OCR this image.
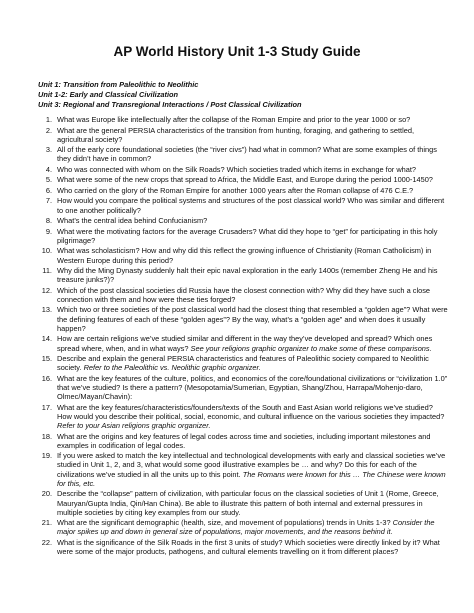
AP World History Unit 1-3 Study Guide
Unit 1: Transition from Paleolithic to Neolithic
Unit 1-2: Early and Classical Civilization
Unit 3: Regional and Transregional Interactions / Post Classical Civilization
1. What was Europe like intellectually after the collapse of the Roman Empire and prior to the year 1000 or so?
2. What are the general PERSIA characteristics of the transition from hunting, foraging, and gathering to settled, agricultural society?
3. All of the early core foundational societies (the “river civs”) had what in common? What are some examples of things they didn’t have in common?
4. Who was connected with whom on the Silk Roads? Which societies traded which items in exchange for what?
5. What were some of the new crops that spread to Africa, the Middle East, and Europe during the period 1000-1450?
6. Who carried on the glory of the Roman Empire for another 1000 years after the Roman collapse of 476 C.E.?
7. How would you compare the political systems and structures of the post classical world? Who was similar and different to one another politically?
8. What’s the central idea behind Confucianism?
9. What were the motivating factors for the average Crusaders? What did they hope to “get” for participating in this holy pilgrimage?
10. What was scholasticism? How and why did this reflect the growing influence of Christianity (Roman Catholicism) in Western Europe during this period?
11. Why did the Ming Dynasty suddenly halt their epic naval exploration in the early 1400s (remember Zheng He and his treasure junks?)?
12. Which of the post classical societies did Russia have the closest connection with? Why did they have such a close connection with them and how were these ties forged?
13. Which two or three societies of the post classical world had the closest thing that resembled a “golden age”? What were the defining features of each of these “golden ages”? By the way, what’s a “golden age” and when does it usually happen?
14. How are certain religions we’ve studied similar and different in the way they’ve developed and spread? Which ones spread where, when, and in what ways? See your religions graphic organizer to make some of these comparisons.
15. Describe and explain the general PERSIA characteristics and features of Paleolithic society compared to Neolithic society. Refer to the Paleolithic vs. Neolithic graphic organizer.
16. What are the key features of the culture, politics, and economics of the core/foundational civilizations or “civilization 1.0” that we’ve studied? Is there a pattern? (Mesopotamia/Sumerian, Egyptian, Shang/Zhou, Harrapa/Mohenjo-daro, Olmec/Mayan/Chavin):
17. What are the key features/characteristics/founders/texts of the South and East Asian world religions we’ve studied? How would you describe their political, social, economic, and cultural influence on the various societies they impacted? Refer to your Asian religions graphic organizer.
18. What are the origins and key features of legal codes across time and societies, including important milestones and examples in codification of legal codes.
19. If you were asked to match the key intellectual and technological developments with early and classical societies we’ve studied in Unit 1, 2, and 3, what would some good illustrative examples be … and why? Do this for each of the civilizations we’ve studied in all the units up to this point. The Romans were known for this … The Chinese were known for this, etc.
20. Describe the “collapse” pattern of civilization, with particular focus on the classical societies of Unit 1 (Rome, Greece, Mauryan/Gupta India, Qin/Han China). Be able to illustrate this pattern of both internal and external pressures in multiple societies by citing key examples from our study.
21. What are the significant demographic (health, size, and movement of populations) trends in Units 1-3? Consider the major spikes up and down in general size of populations, major movements, and the reasons behind it.
22. What is the significance of the Silk Roads in the first 3 units of study? Which societies were directly linked by it? What were some of the major products, pathogens, and cultural elements travelling on it from different places?
